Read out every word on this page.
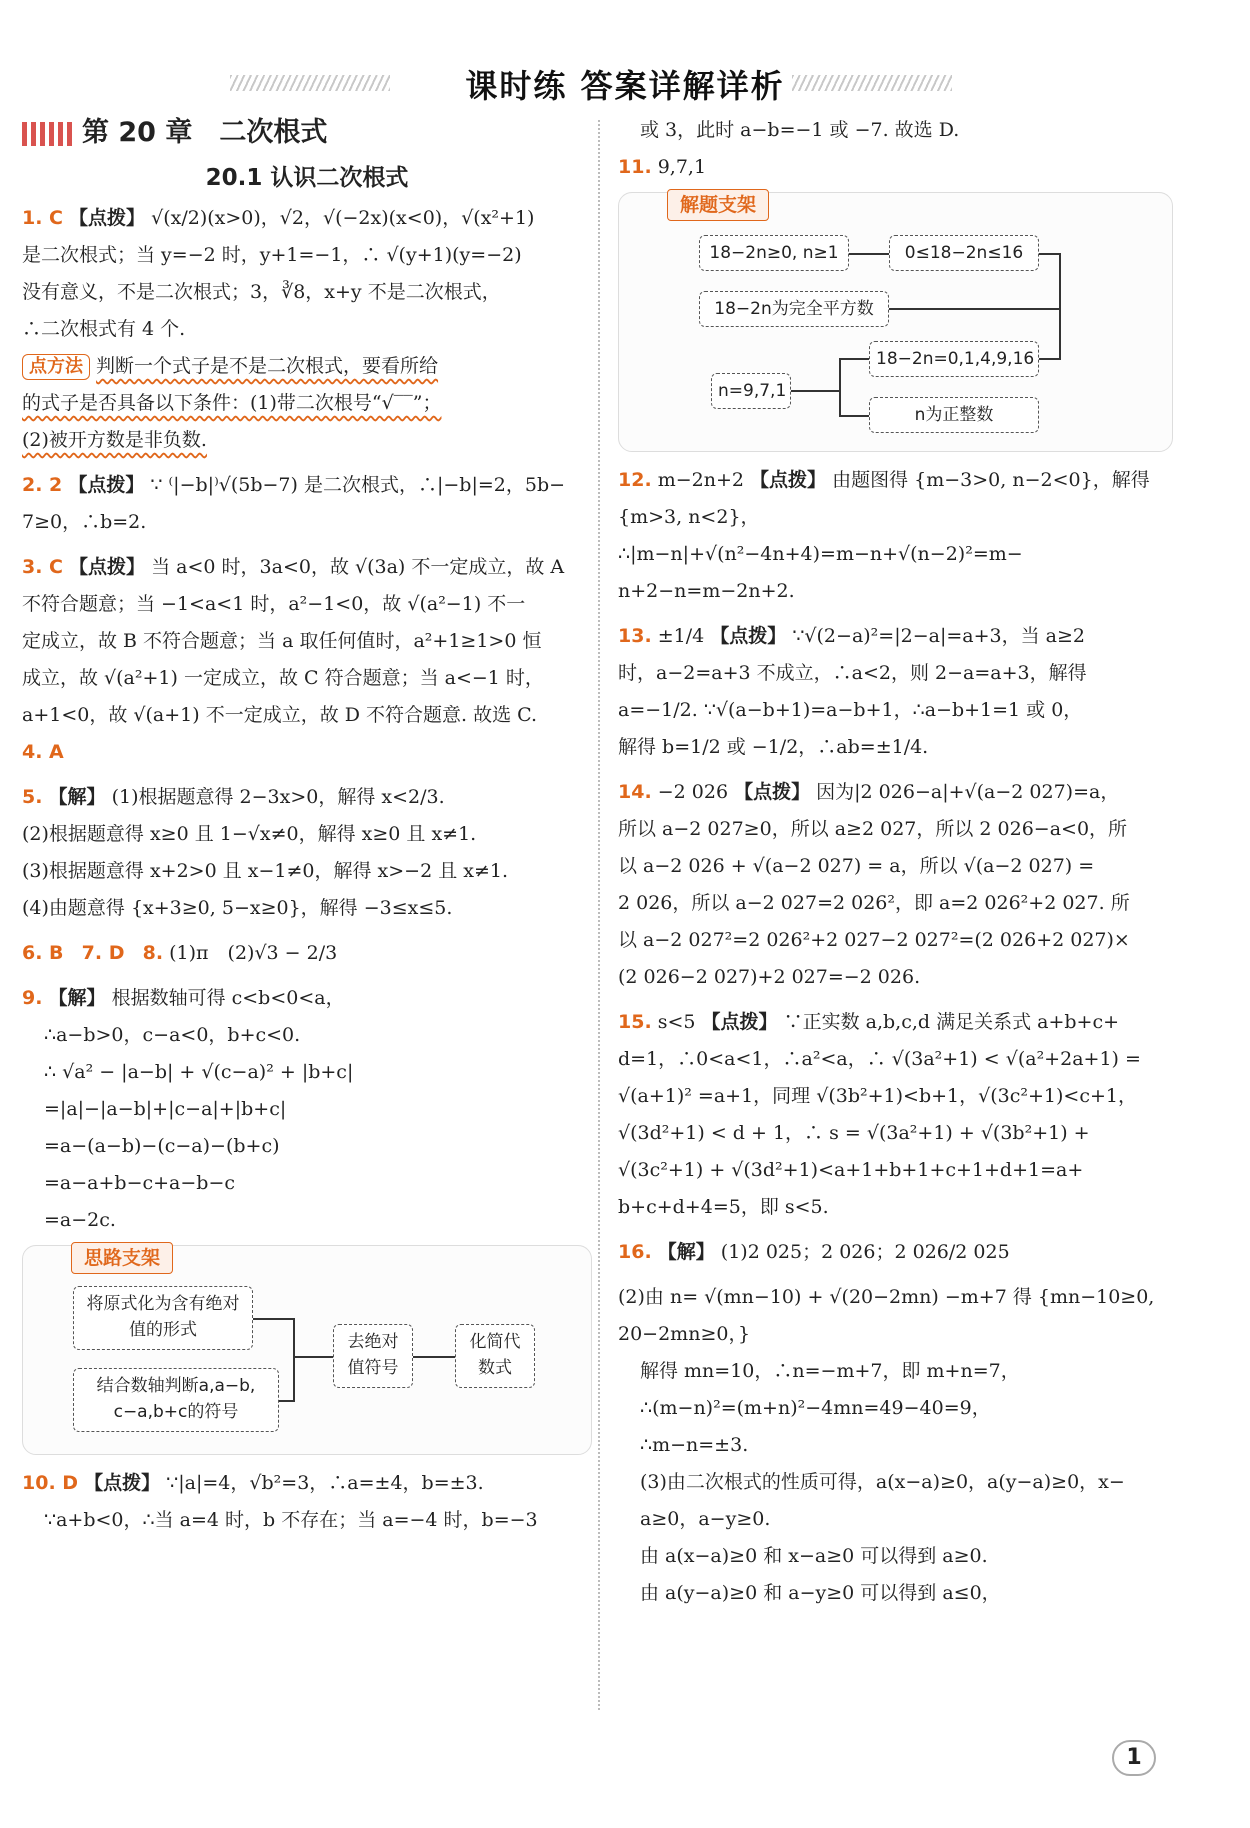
课时练 答案详解详析
第 20 章　二次根式
20.1 认识二次根式
1. C 【点拨】 √(x/2)(x>0)，√2，√(−2x)(x<0)，√(x²+1)
是二次根式；当 y=−2 时，y+1=−1，∴ √(y+1)(y=−2)
没有意义，不是二次根式；3，∛8，x+y 不是二次根式，
∴二次根式有 4 个.
点方法 判断一个式子是不是二次根式，要看所给
的式子是否具备以下条件：(1)带二次根号“√‾‾”；
(2)被开方数是非负数.
2. 2 【点拨】 ∵ ⁽|−b|⁾√(5b−7) 是二次根式，∴|−b|=2，5b−
7≥0，∴b=2.
3. C 【点拨】 当 a<0 时，3a<0，故 √(3a) 不一定成立，故 A
不符合题意；当 −1<a<1 时，a²−1<0，故 √(a²−1) 不一
定成立，故 B 不符合题意；当 a 取任何值时，a²+1≥1>0 恒
成立，故 √(a²+1) 一定成立，故 C 符合题意；当 a<−1 时，
a+1<0，故 √(a+1) 不一定成立，故 D 不符合题意. 故选 C.
4. A
5. 【解】 (1)根据题意得 2−3x>0，解得 x<2/3.
(2)根据题意得 x≥0 且 1−√x≠0，解得 x≥0 且 x≠1.
(3)根据题意得 x+2>0 且 x−1≠0，解得 x>−2 且 x≠1.
(4)由题意得 {x+3≥0, 5−x≥0}，解得 −3≤x≤5.
6. B 7. D 8. (1)π　(2)√3 − 2/3
9. 【解】 根据数轴可得 c<b<0<a，
∴a−b>0，c−a<0，b+c<0.
∴ √a² − |a−b| + √(c−a)² + |b+c|
=|a|−|a−b|+|c−a|+|b+c|
=a−(a−b)−(c−a)−(b+c)
=a−a+b−c+a−b−c
=a−2c.
思路支架
将原式化为含有绝对值的形式
结合数轴判断a,a−b, c−a,b+c的符号
去绝对值符号
化简代数式
10. D 【点拨】 ∵|a|=4，√b²=3，∴a=±4，b=±3.
∵a+b<0，∴当 a=4 时，b 不存在；当 a=−4 时，b=−3
或 3，此时 a−b=−1 或 −7. 故选 D.
11. 9,7,1
解题支架
18−2n≥0, n≥1	0≤18−2n≤16
18−2n为完全平方数
18−2n=0,1,4,9,16
n=9,7,1
n为正整数
12. m−2n+2 【点拨】 由题图得 {m−3>0, n−2<0}，解得 {m>3, n<2}，
∴|m−n|+√(n²−4n+4)=m−n+√(n−2)²=m−
n+2−n=m−2n+2.
13. ±1/4 【点拨】 ∵√(2−a)²=|2−a|=a+3，当 a≥2
时，a−2=a+3 不成立，∴a<2，则 2−a=a+3，解得
a=−1/2. ∵√(a−b+1)=a−b+1，∴a−b+1=1 或 0，
解得 b=1/2 或 −1/2，∴ab=±1/4.
14. −2 026 【点拨】 因为|2 026−a|+√(a−2 027)=a，
所以 a−2 027≥0，所以 a≥2 027，所以 2 026−a<0，所
以 a−2 026 + √(a−2 027) = a，所以 √(a−2 027) =
2 026，所以 a−2 027=2 026²，即 a=2 026²+2 027. 所
以 a−2 027²=2 026²+2 027−2 027²=(2 026+2 027)×
(2 026−2 027)+2 027=−2 026.
15. s<5 【点拨】 ∵正实数 a,b,c,d 满足关系式 a+b+c+
d=1，∴0<a<1，∴a²<a，∴ √(3a²+1) < √(a²+2a+1) =
√(a+1)² =a+1，同理 √(3b²+1)<b+1，√(3c²+1)<c+1，
√(3d²+1) < d + 1，∴ s = √(3a²+1) + √(3b²+1) +
√(3c²+1) + √(3d²+1)<a+1+b+1+c+1+d+1=a+
b+c+d+4=5，即 s<5.
16. 【解】 (1)2 025；2 026；2 026/2 025
(2)由 n= √(mn−10) + √(20−2mn) −m+7 得 {mn−10≥0, 20−2mn≥0，}
解得 mn=10，∴n=−m+7，即 m+n=7，
∴(m−n)²=(m+n)²−4mn=49−40=9，
∴m−n=±3.
(3)由二次根式的性质可得，a(x−a)≥0，a(y−a)≥0，x−
a≥0，a−y≥0.
由 a(x−a)≥0 和 x−a≥0 可以得到 a≥0.
由 a(y−a)≥0 和 a−y≥0 可以得到 a≤0，
1
